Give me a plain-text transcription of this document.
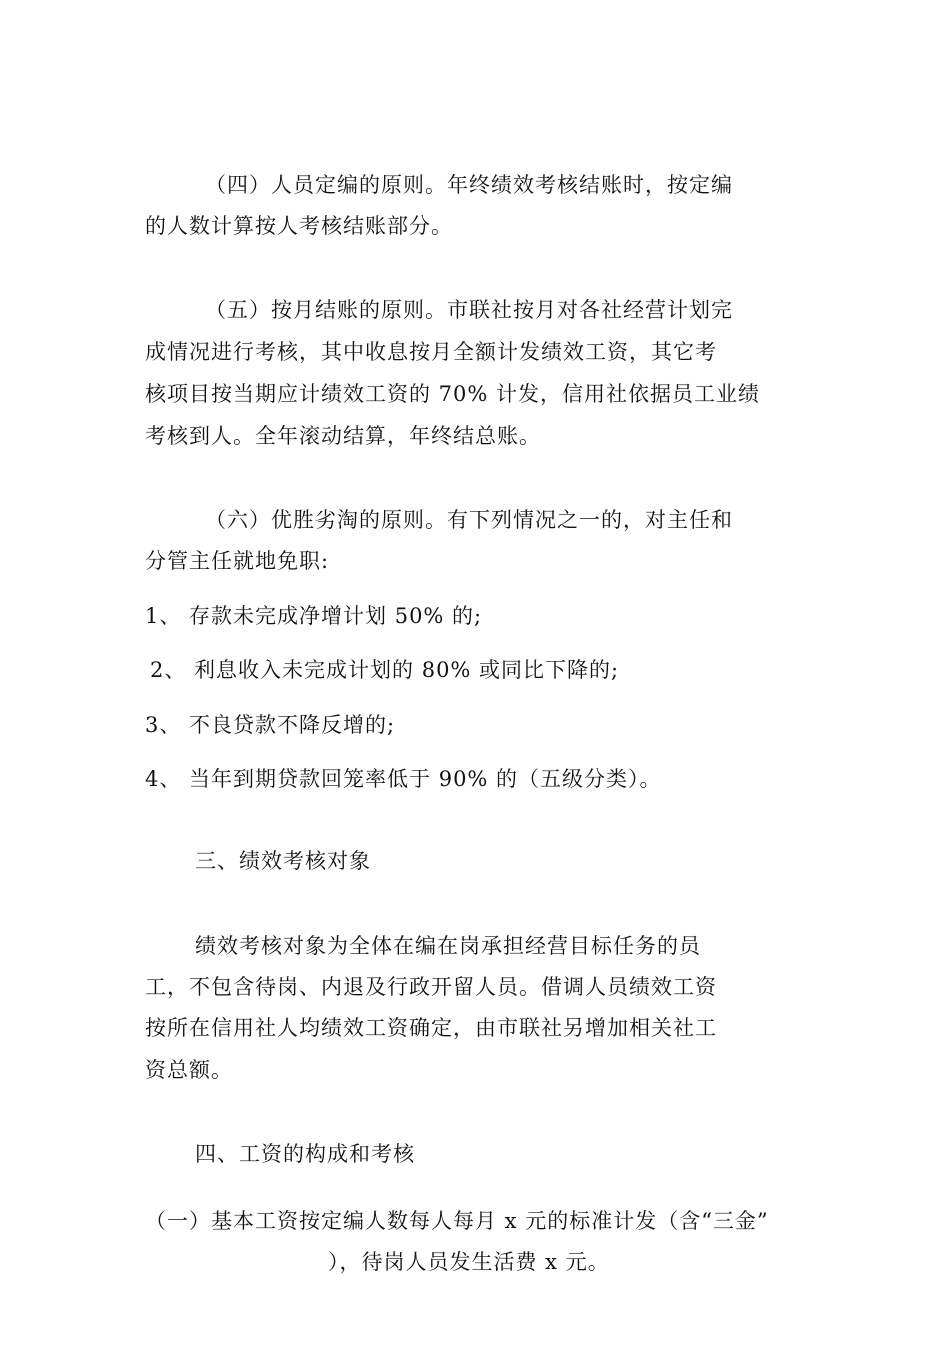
（四）人员定编的原则。年终绩效考核结账时，按定编
的人数计算按人考核结账部分。
（五）按月结账的原则。市联社按月对各社经营计划完
成情况进行考核，其中收息按月全额计发绩效工资，其它考
核项目按当期应计绩效工资的 70% 计发，信用社依据员工业绩
考核到人。全年滚动结算，年终结总账。
（六）优胜劣淘的原则。有下列情况之一的，对主任和
分管主任就地免职:
1、 存款未完成净增计划 50% 的;
2、 利息收入未完成计划的 80% 或同比下降的;
3、 不良贷款不降反增的;
4、 当年到期贷款回笼率低于 90% 的（五级分类）。
三、绩效考核对象
绩效考核对象为全体在编在岗承担经营目标任务的员
工，不包含待岗、内退及行政开留人员。借调人员绩效工资
按所在信用社人均绩效工资确定，由市联社另增加相关社工
资总额。
四、工资的构成和考核
（一）基本工资按定编人数每人每月 x 元的标准计发（含“三金”
），待岗人员发生活费 x 元。
